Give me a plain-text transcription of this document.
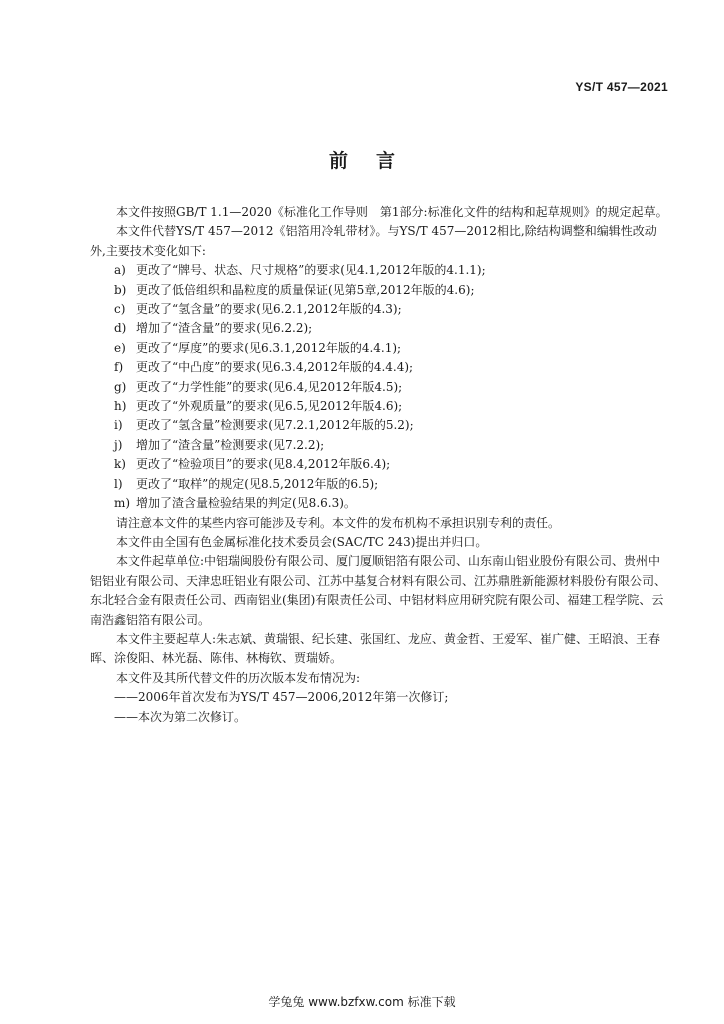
YS/T 457—2021
前言

本文件按照GB/T 1.1—2020《标准化工作导则　第1部分:标准化文件的结构和起草规则》的规定起草。

本文件代替YS/T 457—2012《铝箔用冷轧带材》。与YS/T 457—2012相比,除结构调整和编辑性改动外,主要技术变化如下:

a) 更改了“牌号、状态、尺寸规格”的要求(见4.1,2012年版的4.1.1);
b) 更改了低倍组织和晶粒度的质量保证(见第5章,2012年版的4.6);
c) 更改了“氢含量”的要求(见6.2.1,2012年版的4.3);
d) 增加了“渣含量”的要求(见6.2.2);
e) 更改了“厚度”的要求(见6.3.1,2012年版的4.4.1);
f)	更改了“中凸度”的要求(见6.3.4,2012年版的4.4.4);
g) 更改了“力学性能”的要求(见6.4,见2012年版4.5);
h) 更改了“外观质量”的要求(见6.5,见2012年版4.6);
i)	更改了“氢含量”检测要求(见7.2.1,2012年版的5.2);
j)	增加了“渣含量”检测要求(见7.2.2);
k) 更改了“检验项目”的要求(见8.4,2012年版6.4);
l)	更改了“取样”的规定(见8.5,2012年版的6.5);
m) 增加了渣含量检验结果的判定(见8.6.3)。

请注意本文件的某些内容可能涉及专利。本文件的发布机构不承担识别专利的责任。

本文件由全国有色金属标准化技术委员会(SAC/TC 243)提出并归口。

本文件起草单位:中铝瑞闽股份有限公司、厦门厦顺铝箔有限公司、山东南山铝业股份有限公司、贵州中铝铝业有限公司、天津忠旺铝业有限公司、江苏中基复合材料有限公司、江苏鼎胜新能源材料股份有限公司、东北轻合金有限责任公司、西南铝业(集团)有限责任公司、中铝材料应用研究院有限公司、福建工程学院、云南浩鑫铝箔有限公司。

本文件主要起草人:朱志斌、黄瑞银、纪长建、张国红、龙应、黄金哲、王爱军、崔广健、王昭浪、王春晖、涂俊阳、林光磊、陈伟、林梅钦、贾瑞娇。

本文件及其所代替文件的历次版本发布情况为:

——2006年首次发布为YS/T 457—2006,2012年第一次修订;

——本次为第二次修订。

学兔兔 www.bzfxw.com 标准下载
